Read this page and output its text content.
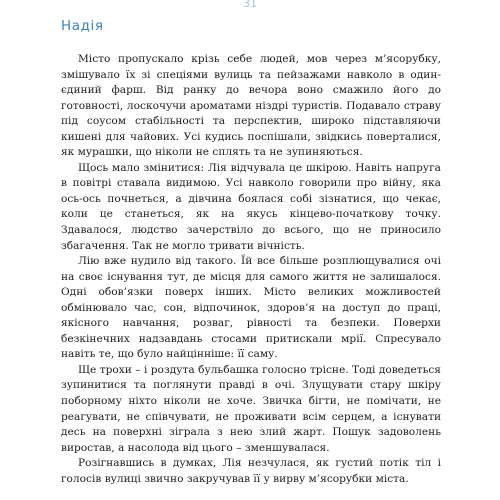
31
Надія

Місто пропускало крізь себе людей, мов через м’ясорубку, змішувало їх зі спеціями вулиць та пейзажами навколо в один-єдиний фарш. Від ранку до вечора воно смажило його до готовності, лоскочучи ароматами ніздрі туристів. Подавало страву під соусом стабільності та перспектив, широко підставляючи кишені для чайових. Усі кудись поспішали, звідкись поверталися, як мурашки, що ніколи не сплять та не зупиняються.

Щось мало змінитися: Лія відчувала це шкірою. Навіть напруга в повітрі ставала видимою. Усі навколо говорили про війну, яка ось-ось почнеться, а дівчина боялася собі зізнатися, що чекає, коли це станеться, як на якусь кінцево-початкову точку. Здавалося, людство зачерствіло до всього, що не приносило збагачення. Так не могло тривати вічність.

Лію вже нудило від такого. Їй все більше розплющувалися очі на своє існування тут, де місця для самого життя не залишалося. Одні обов’язки поверх інших. Місто великих можливостей обмінювало час, сон, відпочинок, здоров’я на доступ до праці, якісного навчання, розваг, рівності та безпеки. Поверхи безкінечних надзавдань стосами притискали мрії. Спресувало навіть те, що було найцінніше: її саму.

Ще трохи – і роздута бульбашка голосно трісне. Тоді доведеться зупинитися та поглянути правді в очі. Злущувати стару шкіру поборному ніхто ніколи не хоче. Звичка бігти, не помічати, не реагувати, не співчувати, не проживати всім серцем, а існувати десь на поверхні зіграла з нею злий жарт. Пошук задоволень виростав, а насолода від цього – зменшувалася.

Розігнавшись в думках, Лія незчулася, як густий потік тіл і голосів вулиці звично закручував її у вирву м’ясорубки міста.
